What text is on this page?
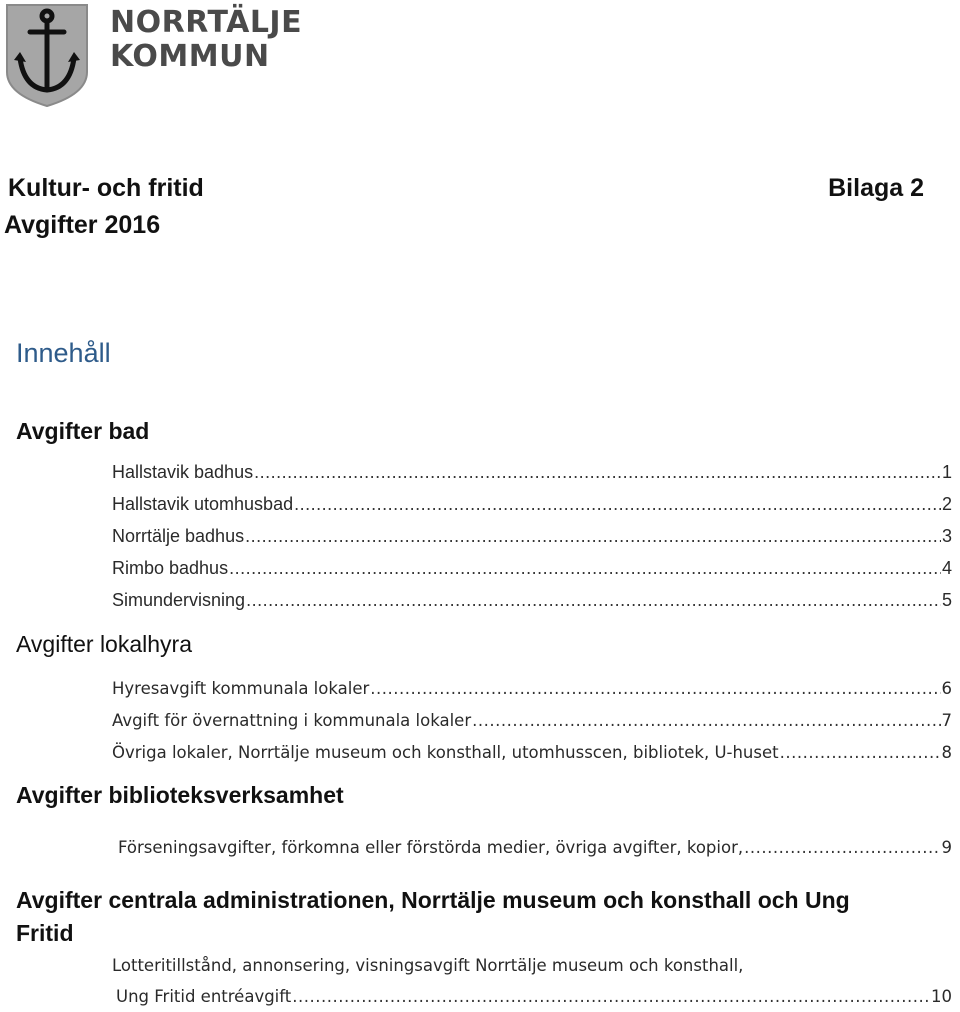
NORRTÄLJE
KOMMUN
Kultur- och fritid
Avgifter 2016
Bilaga 2
Innehåll
Avgifter bad
Hallstavik badhus .....	1
Hallstavik utomhusbad .....	2
Norrtälje badhus .....	3
Rimbo badhus .....	4
Simundervisning .....	5
Avgifter lokalhyra
Hyresavgift kommunala lokaler .....	6
Avgift för övernattning i kommunala lokaler .....	7
Övriga lokaler, Norrtälje museum och konsthall, utomhusscen, bibliotek, U-huset .....	8
Avgifter biblioteksverksamhet
Förseningsavgifter, förkomna eller förstörda medier, övriga avgifter, kopior, .....	9
Avgifter centrala administrationen, Norrtälje museum och konsthall och Ung
Fritid
Lotteritillstånd, annonsering, visningsavgift Norrtälje museum och konsthall,
Ung Fritid entréavgift .....	10
